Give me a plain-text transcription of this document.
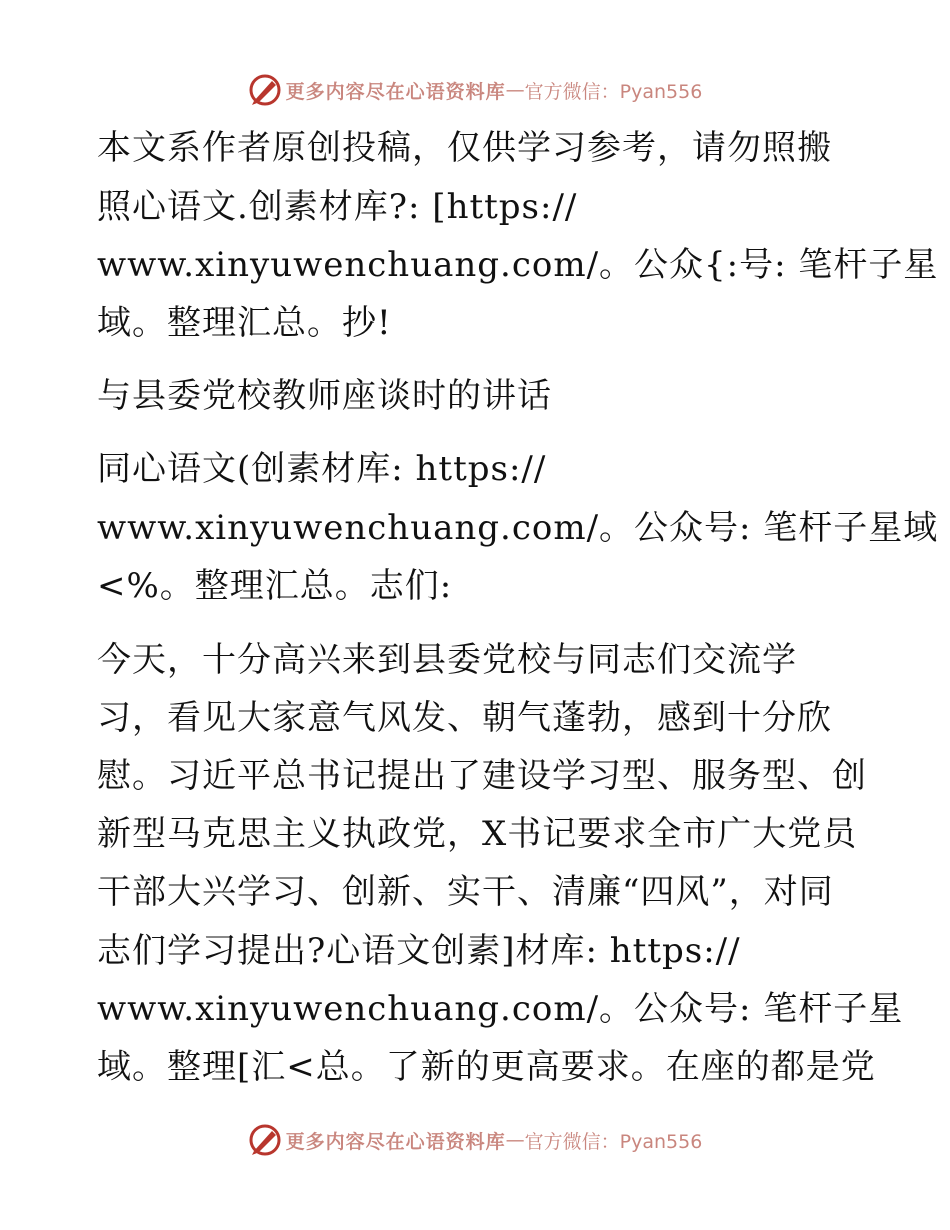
更多内容尽在心语资料库 — 官方微信：Pyan556
本文系作者原创投稿，仅供学习参考，请勿照搬
照心语文.创素材库?: [https://
www.xinyuwenchuang.com/。公众{:号: 笔杆子星
域。整理汇总。抄!
与县委党校教师座谈时的讲话
同心语文(创素材库: https://
www.xinyuwenchuang.com/。公众号: 笔杆子星域
<%。整理汇总。志们:
今天，十分高兴来到县委党校与同志们交流学
习，看见大家意气风发、朝气蓬勃，感到十分欣
慰。习近平总书记提出了建设学习型、服务型、创
新型马克思主义执政党，X书记要求全市广大党员
干部大兴学习、创新、实干、清廉“四风”，对同
志们学习提出?心语文创素]材库: https://
www.xinyuwenchuang.com/。公众号: 笔杆子星
域。整理[汇<总。了新的更高要求。在座的都是党
更多内容尽在心语资料库 — 官方微信：Pyan556
